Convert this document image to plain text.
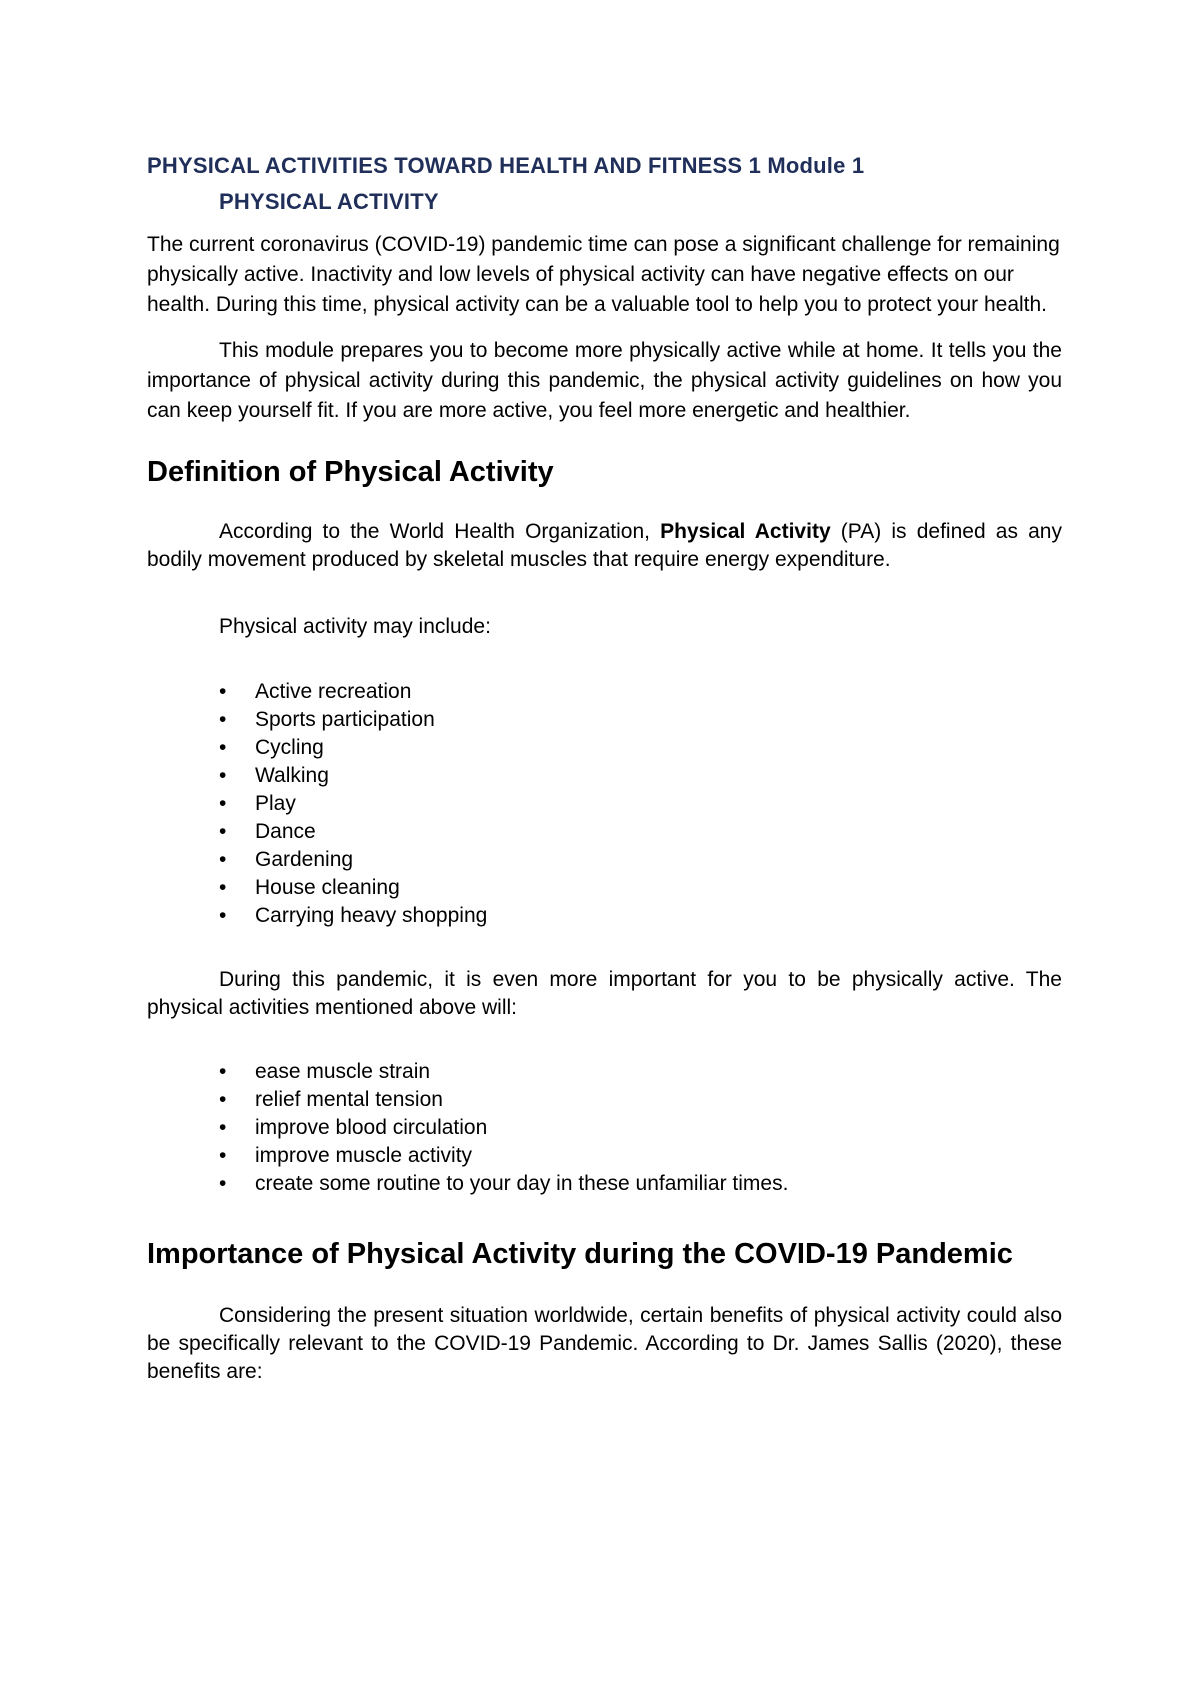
PHYSICAL ACTIVITIES TOWARD HEALTH AND FITNESS 1 Module 1
PHYSICAL ACTIVITY

The current coronavirus (COVID-19) pandemic time can pose a significant challenge for remaining physically active. Inactivity and low levels of physical activity can have negative effects on our health. During this time, physical activity can be a valuable tool to help you to protect your health.

This module prepares you to become more physically active while at home. It tells you the importance of physical activity during this pandemic, the physical activity guidelines on how you can keep yourself fit. If you are more active, you feel more energetic and healthier.

Definition of Physical Activity

According to the World Health Organization, Physical Activity (PA) is defined as any bodily movement produced by skeletal muscles that require energy expenditure.

Physical activity may include:

•	Active recreation
•	Sports participation
•	Cycling
•	Walking
•	Play
•	Dance
•	Gardening
•	House cleaning
•	Carrying heavy shopping

During this pandemic, it is even more important for you to be physically active. The physical activities mentioned above will:

•	ease muscle strain
•	relief mental tension
•	improve blood circulation
•	improve muscle activity
•	create some routine to your day in these unfamiliar times.
Importance of Physical Activity during the COVID-19 Pandemic

Considering the present situation worldwide, certain benefits of physical activity could also be specifically relevant to the COVID-19 Pandemic. According to Dr. James Sallis (2020), these benefits are:
